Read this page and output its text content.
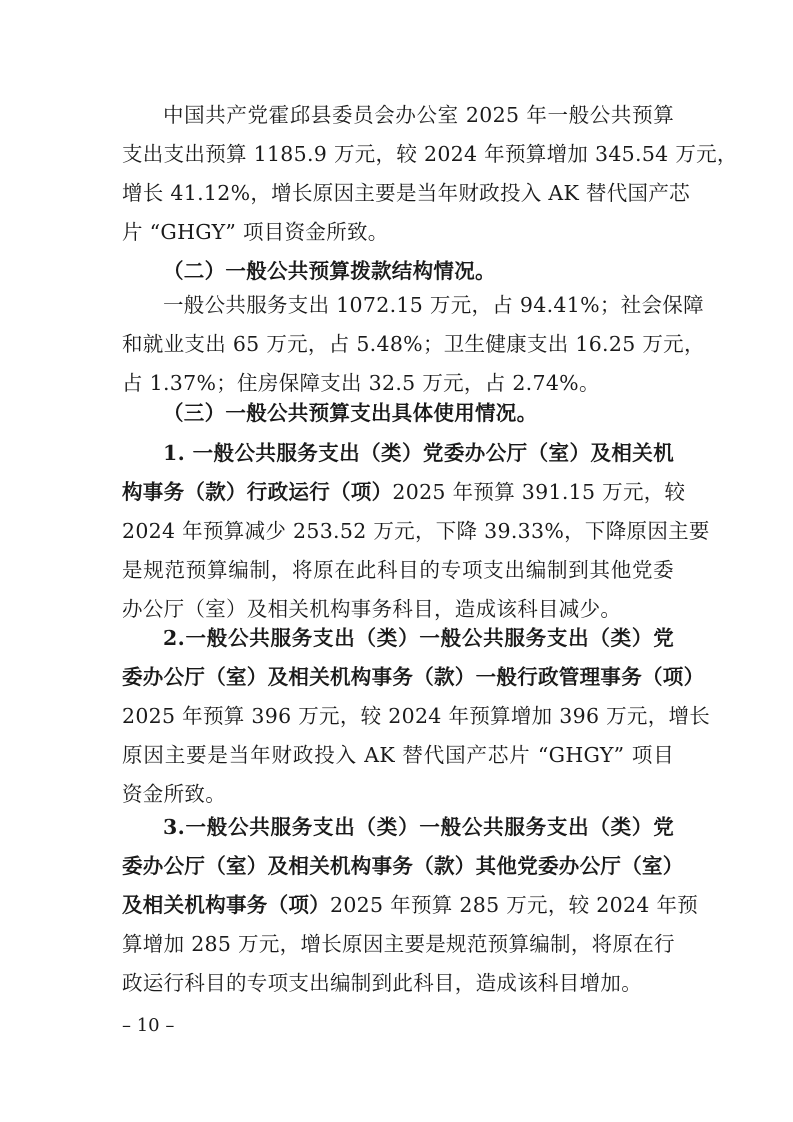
中国共产党霍邱县委员会办公室 2025 年一般公共预算
支出支出预算 1185.9 万元，较 2024 年预算增加 345.54 万元，
增长 41.12%，增长原因主要是当年财政投入 AK 替代国产芯
片 “GHGY” 项目资金所致。
（二）一般公共预算拨款结构情况。
一般公共服务支出 1072.15 万元，占 94.41%；社会保障
和就业支出 65 万元，占 5.48%；卫生健康支出 16.25 万元，
占 1.37%；住房保障支出 32.5 万元，占 2.74%。
（三）一般公共预算支出具体使用情况。
1. 一般公共服务支出（类）党委办公厅（室）及相关机
构事务（款）行政运行（项）2025 年预算 391.15 万元，较
2024 年预算减少 253.52 万元，下降 39.33%，下降原因主要
是规范预算编制，将原在此科目的专项支出编制到其他党委
办公厅（室）及相关机构事务科目，造成该科目减少。
2.一般公共服务支出（类）一般公共服务支出（类）党
委办公厅（室）及相关机构事务（款）一般行政管理事务（项）
2025 年预算 396 万元，较 2024 年预算增加 396 万元，增长
原因主要是当年财政投入 AK 替代国产芯片 “GHGY” 项目
资金所致。
3.一般公共服务支出（类）一般公共服务支出（类）党
委办公厅（室）及相关机构事务（款）其他党委办公厅（室）
及相关机构事务（项）2025 年预算 285 万元，较 2024 年预
算增加 285 万元，增长原因主要是规范预算编制，将原在行
政运行科目的专项支出编制到此科目，造成该科目增加。
– 10 –
